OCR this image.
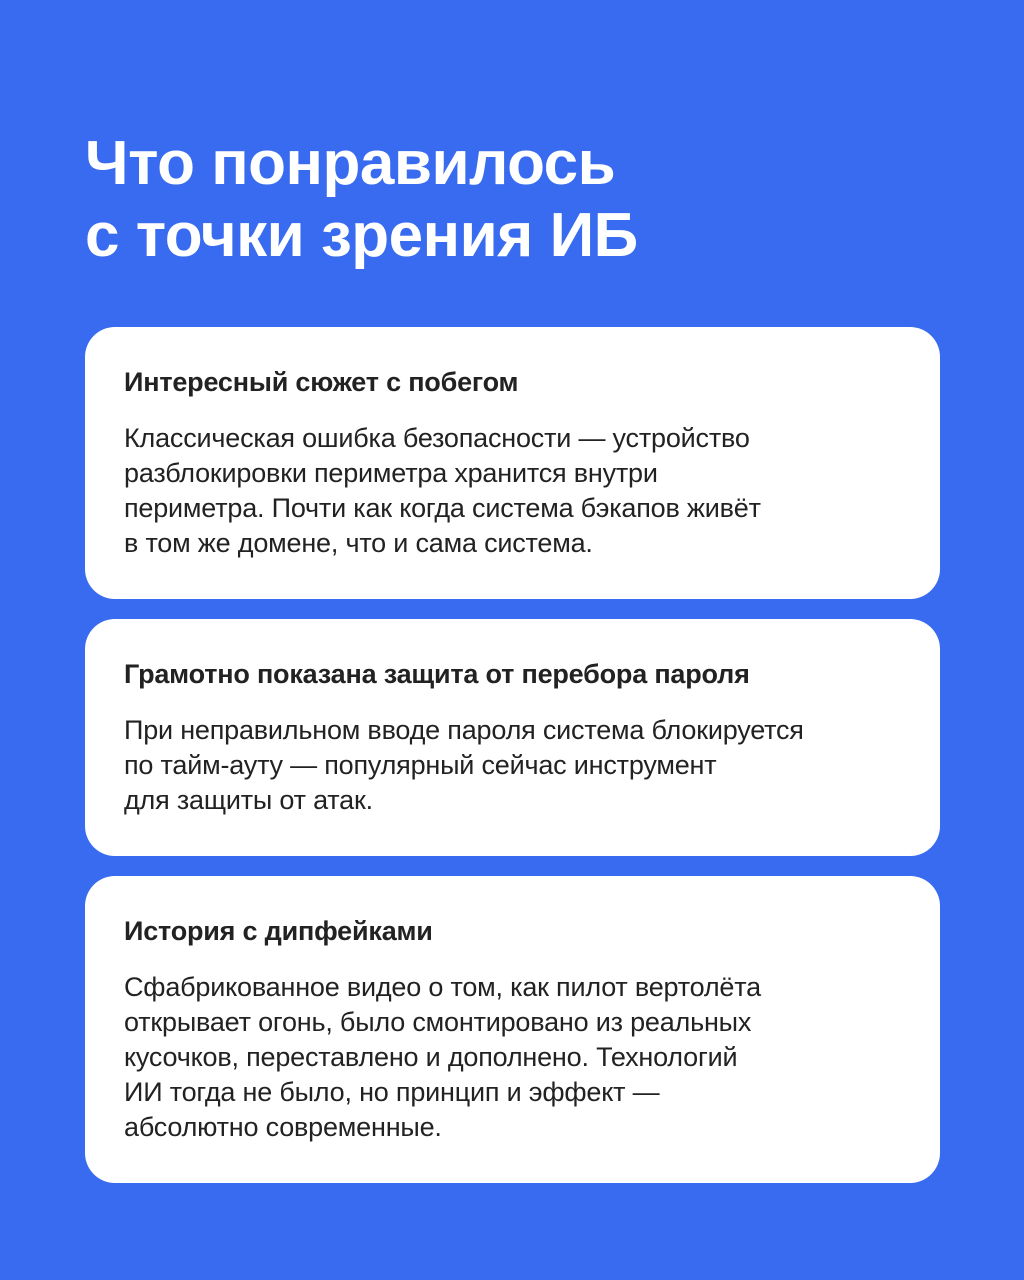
Что понравилось
с точки зрения ИБ
Интересный сюжет с побегом

Классическая ошибка безопасности — устройство
разблокировки периметра хранится внутри
периметра. Почти как когда система бэкапов живёт
в том же домене, что и сама система.

Грамотно показана защита от перебора пароля

При неправильном вводе пароля система блокируется
по тайм-ауту — популярный сейчас инструмент
для защиты от атак.

История с дипфейками

Сфабрикованное видео о том, как пилот вертолёта
открывает огонь, было смонтировано из реальных
кусочков, переставлено и дополнено. Технологий
ИИ тогда не было, но принцип и эффект —
абсолютно современные.
